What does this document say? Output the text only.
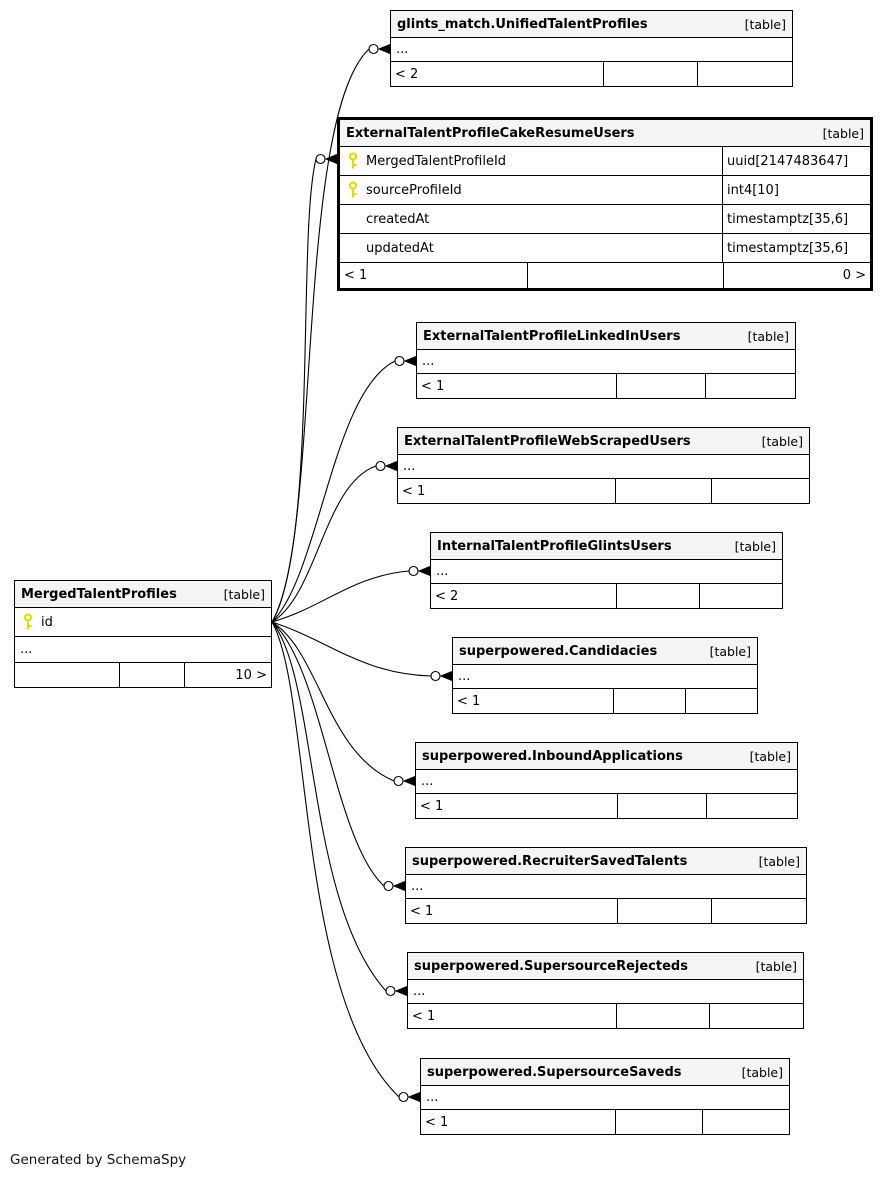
MergedTalentProfiles	[table]
id
...
10 >
glints_match.UnifiedTalentProfiles	[table]
...
< 2
ExternalTalentProfileCakeResumeUsers	[table]
MergedTalentProfileId	uuid[2147483647]
sourceProfileId	int4[10]
createdAt	timestamptz[35,6]
updatedAt	timestamptz[35,6]
< 1	0 >
ExternalTalentProfileLinkedInUsers	[table]
...
< 1
ExternalTalentProfileWebScrapedUsers	[table]
...
< 1
InternalTalentProfileGlintsUsers	[table]
...
< 2
superpowered.Candidacies	[table]
...
< 1
superpowered.InboundApplications	[table]
...
< 1
superpowered.RecruiterSavedTalents	[table]
...
< 1
superpowered.SupersourceRejecteds	[table]
...
< 1
superpowered.SupersourceSaveds	[table]
...
< 1
Generated by SchemaSpy
